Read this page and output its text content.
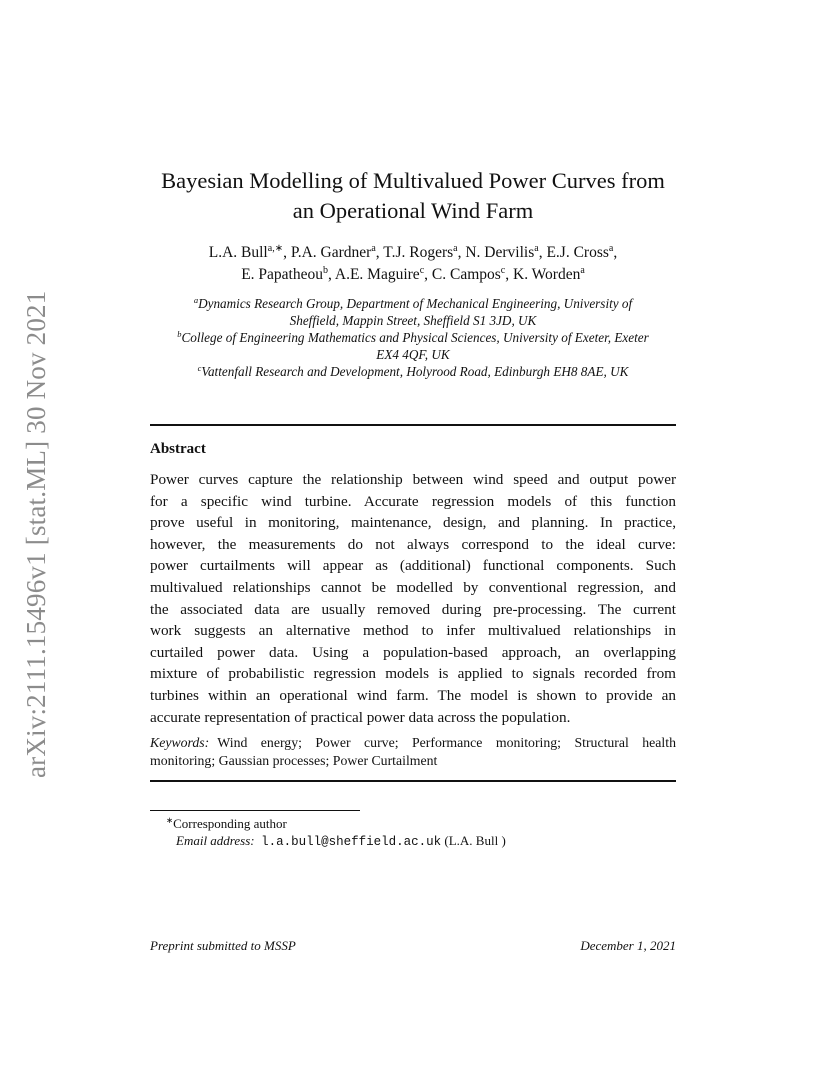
arXiv:2111.15496v1 [stat.ML] 30 Nov 2021
Bayesian Modelling of Multivalued Power Curves from
an Operational Wind Farm
L.A. Bull$^{a,∗}$, P.A. Gardner$^a$, T.J. Rogers$^a$, N. Dervilis$^a$, E.J. Cross$^a$,
E. Papatheou$^b$, A.E. Maguire$^c$, C. Campos$^c$, K. Worden$^a$
$^a$Dynamics Research Group, Department of Mechanical Engineering, University of
Sheffield, Mappin Street, Sheffield S1 3JD, UK
$^b$College of Engineering Mathematics and Physical Sciences, University of Exeter, Exeter
EX4 4QF, UK
$^c$Vattenfall Research and Development, Holyrood Road, Edinburgh EH8 8AE, UK
Abstract
Power curves capture the relationship between wind speed and output power
for a specific wind turbine. Accurate regression models of this function
prove useful in monitoring, maintenance, design, and planning. In practice,
however, the measurements do not always correspond to the ideal curve:
power curtailments will appear as (additional) functional components. Such
multivalued relationships cannot be modelled by conventional regression, and
the associated data are usually removed during pre-processing. The current
work suggests an alternative method to infer multivalued relationships in
curtailed power data. Using a population-based approach, an overlapping
mixture of probabilistic regression models is applied to signals recorded from
turbines within an operational wind farm. The model is shown to provide an
accurate representation of practical power data across the population.
Keywords: Wind energy; Power curve; Performance monitoring; Structural health
monitoring; Gaussian processes; Power Curtailment
∗Corresponding author
Email address: l.a.bull@sheffield.ac.uk (L.A. Bull )
Preprint submitted to MSSP	December 1, 2021
